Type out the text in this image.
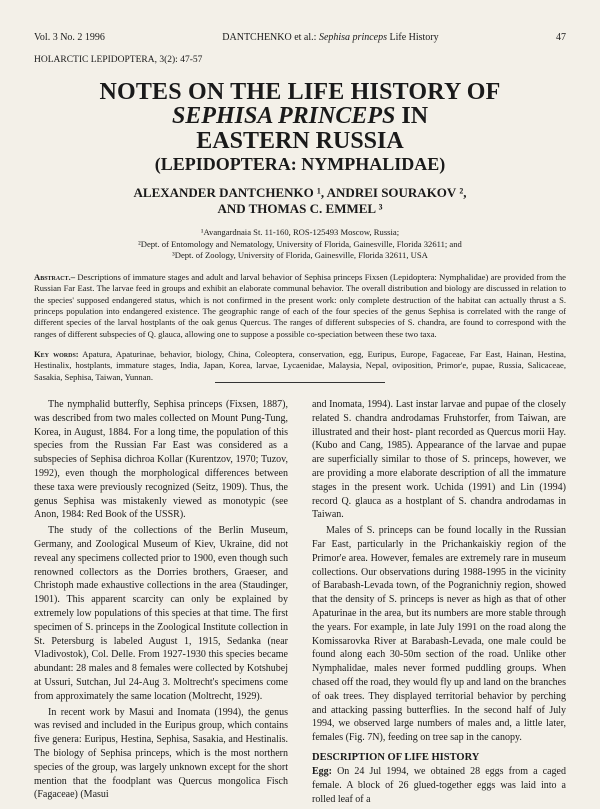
Vol. 3 No. 2 1996	DANTCHENKO et al.: Sephisa princeps Life History	47
HOLARCTIC LEPIDOPTERA, 3(2): 47-57
NOTES ON THE LIFE HISTORY OF
SEPHISA PRINCEPS IN
EASTERN RUSSIA
(LEPIDOPTERA: NYMPHALIDAE)
ALEXANDER DANTCHENKO ¹, ANDREI SOURAKOV ²,
AND THOMAS C. EMMEL ³
¹Avangardnaia St. 11-160, ROS-125493 Moscow, Russia;
²Dept. of Entomology and Nematology, University of Florida, Gainesville, Florida 32611; and
³Dept. of Zoology, University of Florida, Gainesville, Florida 32611, USA
Abstract.– Descriptions of immature stages and adult and larval behavior of Sephisa princeps Fixsen (Lepidoptera: Nymphalidae) are provided from the Russian Far East. The larvae feed in groups and exhibit an elaborate communal behavior. The overall distribution and biology are discussed in relation to the species' supposed endangered status, which is not confirmed in the present work: only complete destruction of the habitat can actually thrust a S. princeps population into endangered existence. The geographic range of each of the four species of the genus Sephisa is correlated with the range of different species of the larval hostplants of the oak genus Quercus. The ranges of different subspecies of S. chandra, are found to correspond with the ranges of different subspecies of Q. glauca, allowing one to suppose a possible co-speciation between these two taxa.
Key words: Apatura, Apaturinae, behavior, biology, China, Coleoptera, conservation, egg, Euripus, Europe, Fagaceae, Far East, Hainan, Hestina, Hestinalix, hostplants, immature stages, India, Japan, Korea, larvae, Lycaenidae, Malaysia, Nepal, oviposition, Primor'e, pupae, Russia, Salicaceae, Sasakia, Sephisa, Taiwan, Yunnan.

The nymphalid butterfly, Sephisa princeps (Fixsen, 1887), was described from two males collected on Mount Pung-Tung, Korea, in August, 1884. For a long time, the population of this species from the Russian Far East was considered as a subspecies of Sephisa dichroa Kollar (Kurentzov, 1970; Tuzov, 1992), even though the morphological differences between these taxa were previously recognized (Seitz, 1909). Thus, the genus Sephisa was mistakenly viewed as monotypic (see Anon, 1984: Red Book of the USSR).

The study of the collections of the Berlin Museum, Germany, and Zoological Museum of Kiev, Ukraine, did not reveal any specimens collected prior to 1900, even though such renowned collectors as the Dorries brothers, Graeser, and Christoph made exhaustive collections in the area (Staudinger, 1901). This apparent scarcity can only be explained by extremely low populations of this species at that time. The first specimen of S. princeps in the Zoological Institute collection in St. Petersburg is labeled August 1, 1915, Sedanka (near Vladivostok), Col. Delle. From 1927-1930 this species became abundant: 28 males and 8 females were collected by Kotshubej at Ussuri, Sutchan, Jul 24-Aug 3. Moltrecht's specimens come from approximately the same location (Moltrecht, 1929).

In recent work by Masui and Inomata (1994), the genus was revised and included in the Euripus group, which contains five genera: Euripus, Hestina, Sephisa, Sasakia, and Hestinalis. The biology of Sephisa princeps, which is the most northern species of the group, was largely unknown except for the short mention that the foodplant was Quercus mongolica Fisch (Fagaceae) (Masui

and Inomata, 1994). Last instar larvae and pupae of the closely related S. chandra androdamas Fruhstorfer, from Taiwan, are illustrated and their host- plant recorded as Quercus morii Hay. (Kubo and Cang, 1985). Appearance of the larvae and pupae are superficially similar to those of S. princeps, however, we are providing a more elaborate description of all the immature stages in the present work. Uchida (1991) and Lin (1994) record Q. glauca as a hostplant of S. chandra androdamas in Taiwan.

Males of S. princeps can be found locally in the Russian Far East, particularly in the Prichankaiskiy region of the Primor'e area. However, females are extremely rare in museum collections. Our observations during 1988-1995 in the vicinity of Barabash-Levada town, of the Pogranichniy region, showed that the density of S. princeps is never as high as that of other Apaturinae in the area, but its numbers are more stable through the years. For example, in late July 1991 on the road along the Komissarovka River at Barabash-Levada, one male could be found along each 30-50m section of the road. Unlike other Nymphalidae, males never formed puddling groups. When chased off the road, they would fly up and land on the branches of oak trees. They displayed territorial behavior by perching and attacking passing butterflies. In the second half of July 1994, we observed large numbers of males and, a little later, females (Fig. 7N), feeding on tree sap in the canopy.

DESCRIPTION OF LIFE HISTORY

Egg: On 24 Jul 1994, we obtained 28 eggs from a caged female. A block of 26 glued-together eggs was laid into a rolled leaf of a
